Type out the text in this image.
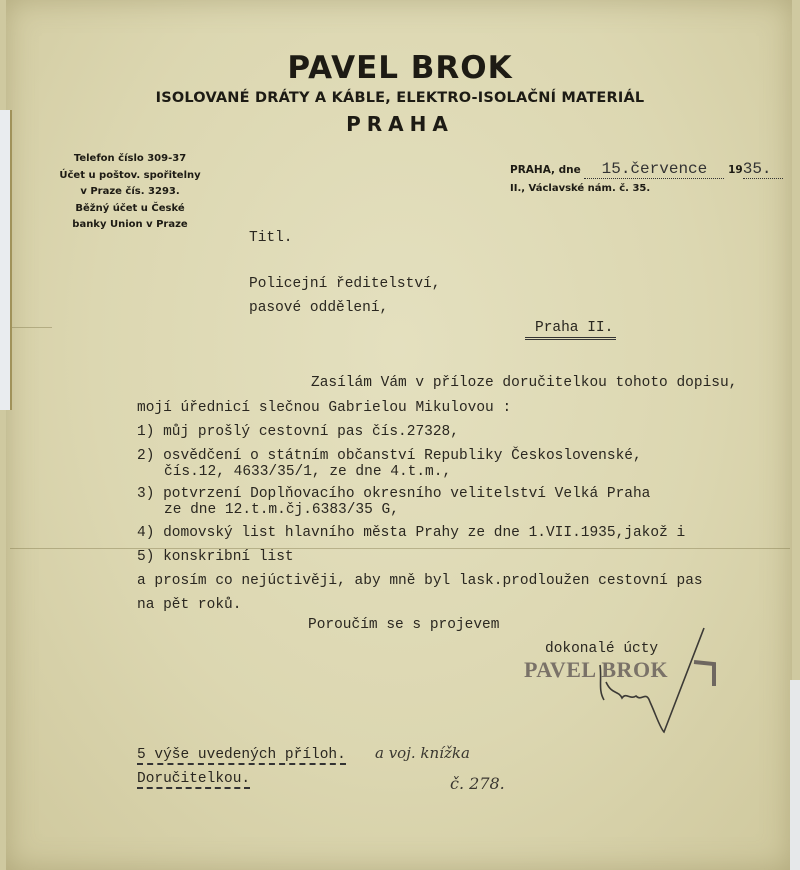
PAVEL BROK
ISOLOVANÉ DRÁTY A KÁBLE, ELEKTRO-ISOLAČNÍ MATERIÁL
PRAHA
Telefon číslo 309-37
Účet u poštov. spořitelny
v Praze čís. 3293.
Běžný účet u České
banky Union v Praze
PRAHA, dne 15.července 1935.
II., Václavské nám. č. 35.
Titl.
Policejní ředitelství,
pasové oddělení,
Praha II.
Zasílám Vám v příloze doručitelkou tohoto dopisu,
mojí úřednicí slečnou Gabrielou Mikulovou :
1) můj prošlý cestovní pas čís.27328,
2) osvědčení o státním občanství Republiky Československé,
čís.12, 4633/35/1, ze dne 4.t.m.,
3) potvrzení Doplňovacího okresního velitelství Velká Praha
ze dne 12.t.m.čj.6383/35 G,
4) domovský list hlavního města Prahy ze dne 1.VII.1935,jakož i
5) konskribní list
a prosím co nejúctivěji, aby mně byl lask.prodloužen cestovní pas
na pět roků.
Poroučím se s projevem
dokonalé úcty
PAVEL BROK
5 výše uvedených příloh.
Doručitelkou.
a voj. knížka
č. 278.
